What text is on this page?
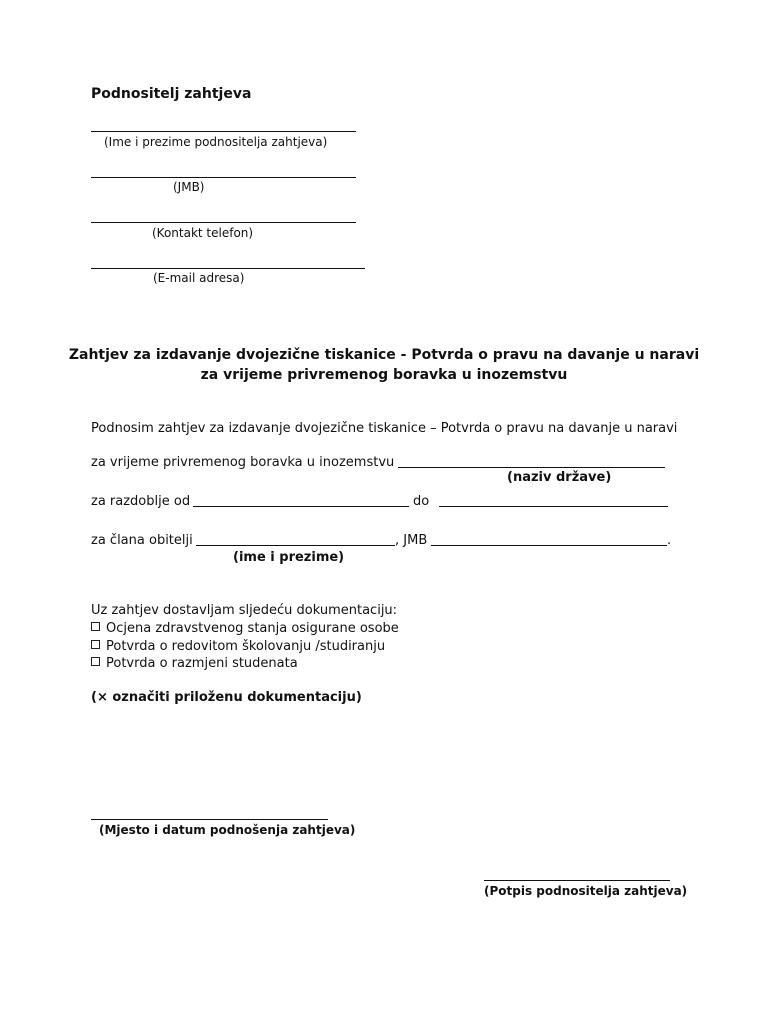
Podnositelj zahtjeva
(Ime i prezime podnositelja zahtjeva)
(JMB)
(Kontakt telefon)
(E-mail adresa)
Zahtjev za izdavanje dvojezične tiskanice - Potvrda o pravu na davanje u naravi
za vrijeme privremenog boravka u inozemstvu
Podnosim zahtjev za izdavanje dvojezične tiskanice – Potvrda o pravu na davanje u naravi
za vrijeme privremenog boravka u inozemstvu
(naziv države)
za razdoblje od	do
za člana obitelji	, JMB	.
(ime i prezime)
Uz zahtjev dostavljam sljedeću dokumentaciju:
Ocjena zdravstvenog stanja osigurane osobe
Potvrda o redovitom školovanju /studiranju
Potvrda o razmjeni studenata
(× označiti priloženu dokumentaciju)
(Mjesto i datum podnošenja zahtjeva)
(Potpis podnositelja zahtjeva)
